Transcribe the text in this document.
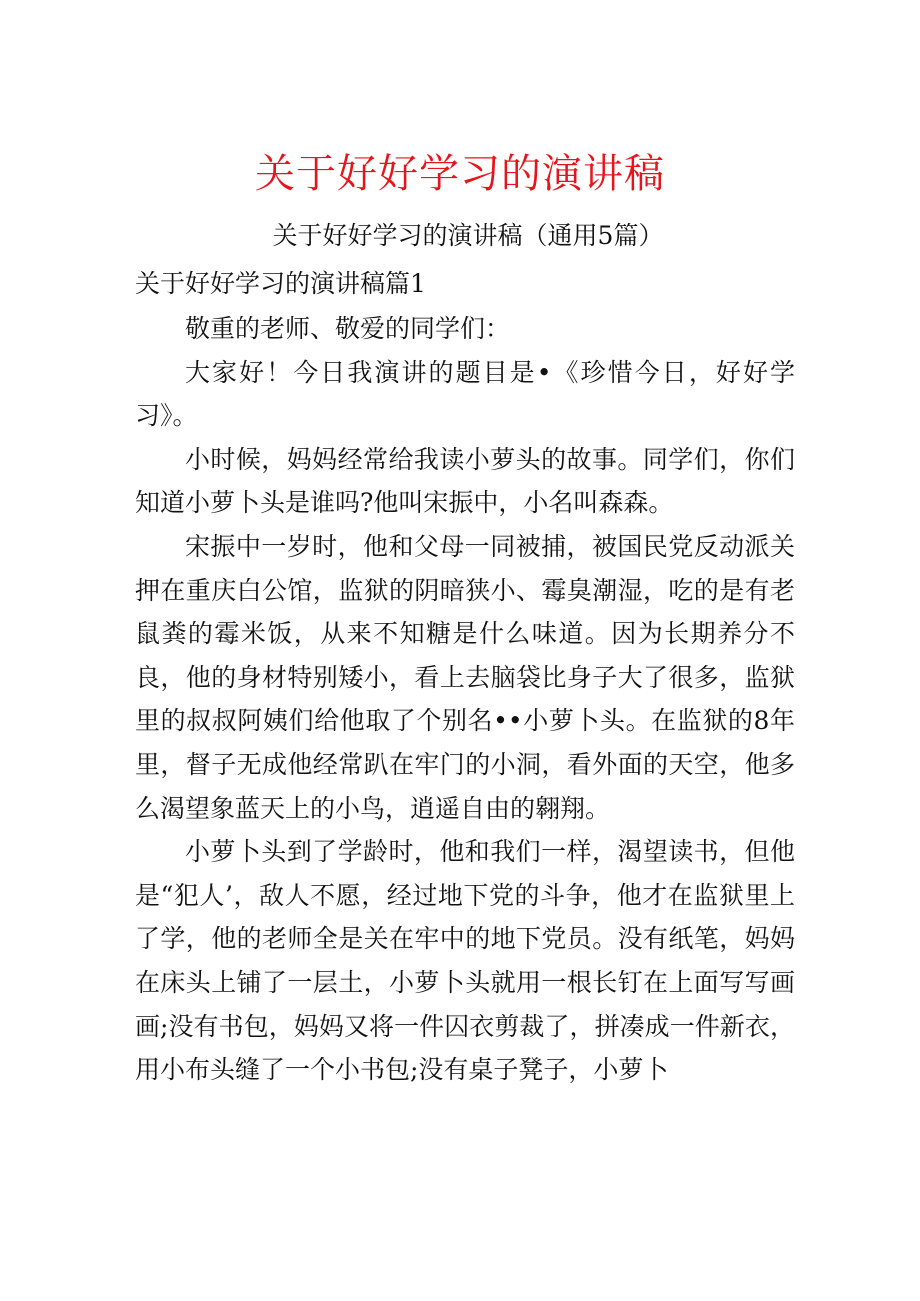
关于好好学习的演讲稿
关于好好学习的演讲稿（通用5篇）
关于好好学习的演讲稿篇1

敬重的老师、敬爱的同学们：

大家好！今日我演讲的题目是•《珍惜今日，好好学习》。

小时候，妈妈经常给我读小萝头的故事。同学们，你们知道小萝卜头是谁吗?他叫宋振中，小名叫森森。

宋振中一岁时，他和父母一同被捕，被国民党反动派关押在重庆白公馆，监狱的阴暗狭小、霉臭潮湿，吃的是有老鼠粪的霉米饭，从来不知糖是什么味道。因为长期养分不良，他的身材特别矮小，看上去脑袋比身子大了很多，监狱里的叔叔阿姨们给他取了个别名••小萝卜头。在监狱的8年里，督子无成他经常趴在牢门的小洞，看外面的天空，他多么渴望象蓝天上的小鸟，逍遥自由的翱翔。

小萝卜头到了学龄时，他和我们一样，渴望读书，但他是“犯人’，敌人不愿，经过地下党的斗争，他才在监狱里上了学，他的老师全是关在牢中的地下党员。没有纸笔，妈妈在床头上铺了一层土，小萝卜头就用一根长钉在上面写写画画;没有书包，妈妈又将一件囚衣剪裁了，拼凑成一件新衣，用小布头缝了一个小书包;没有桌子凳子，小萝卜
